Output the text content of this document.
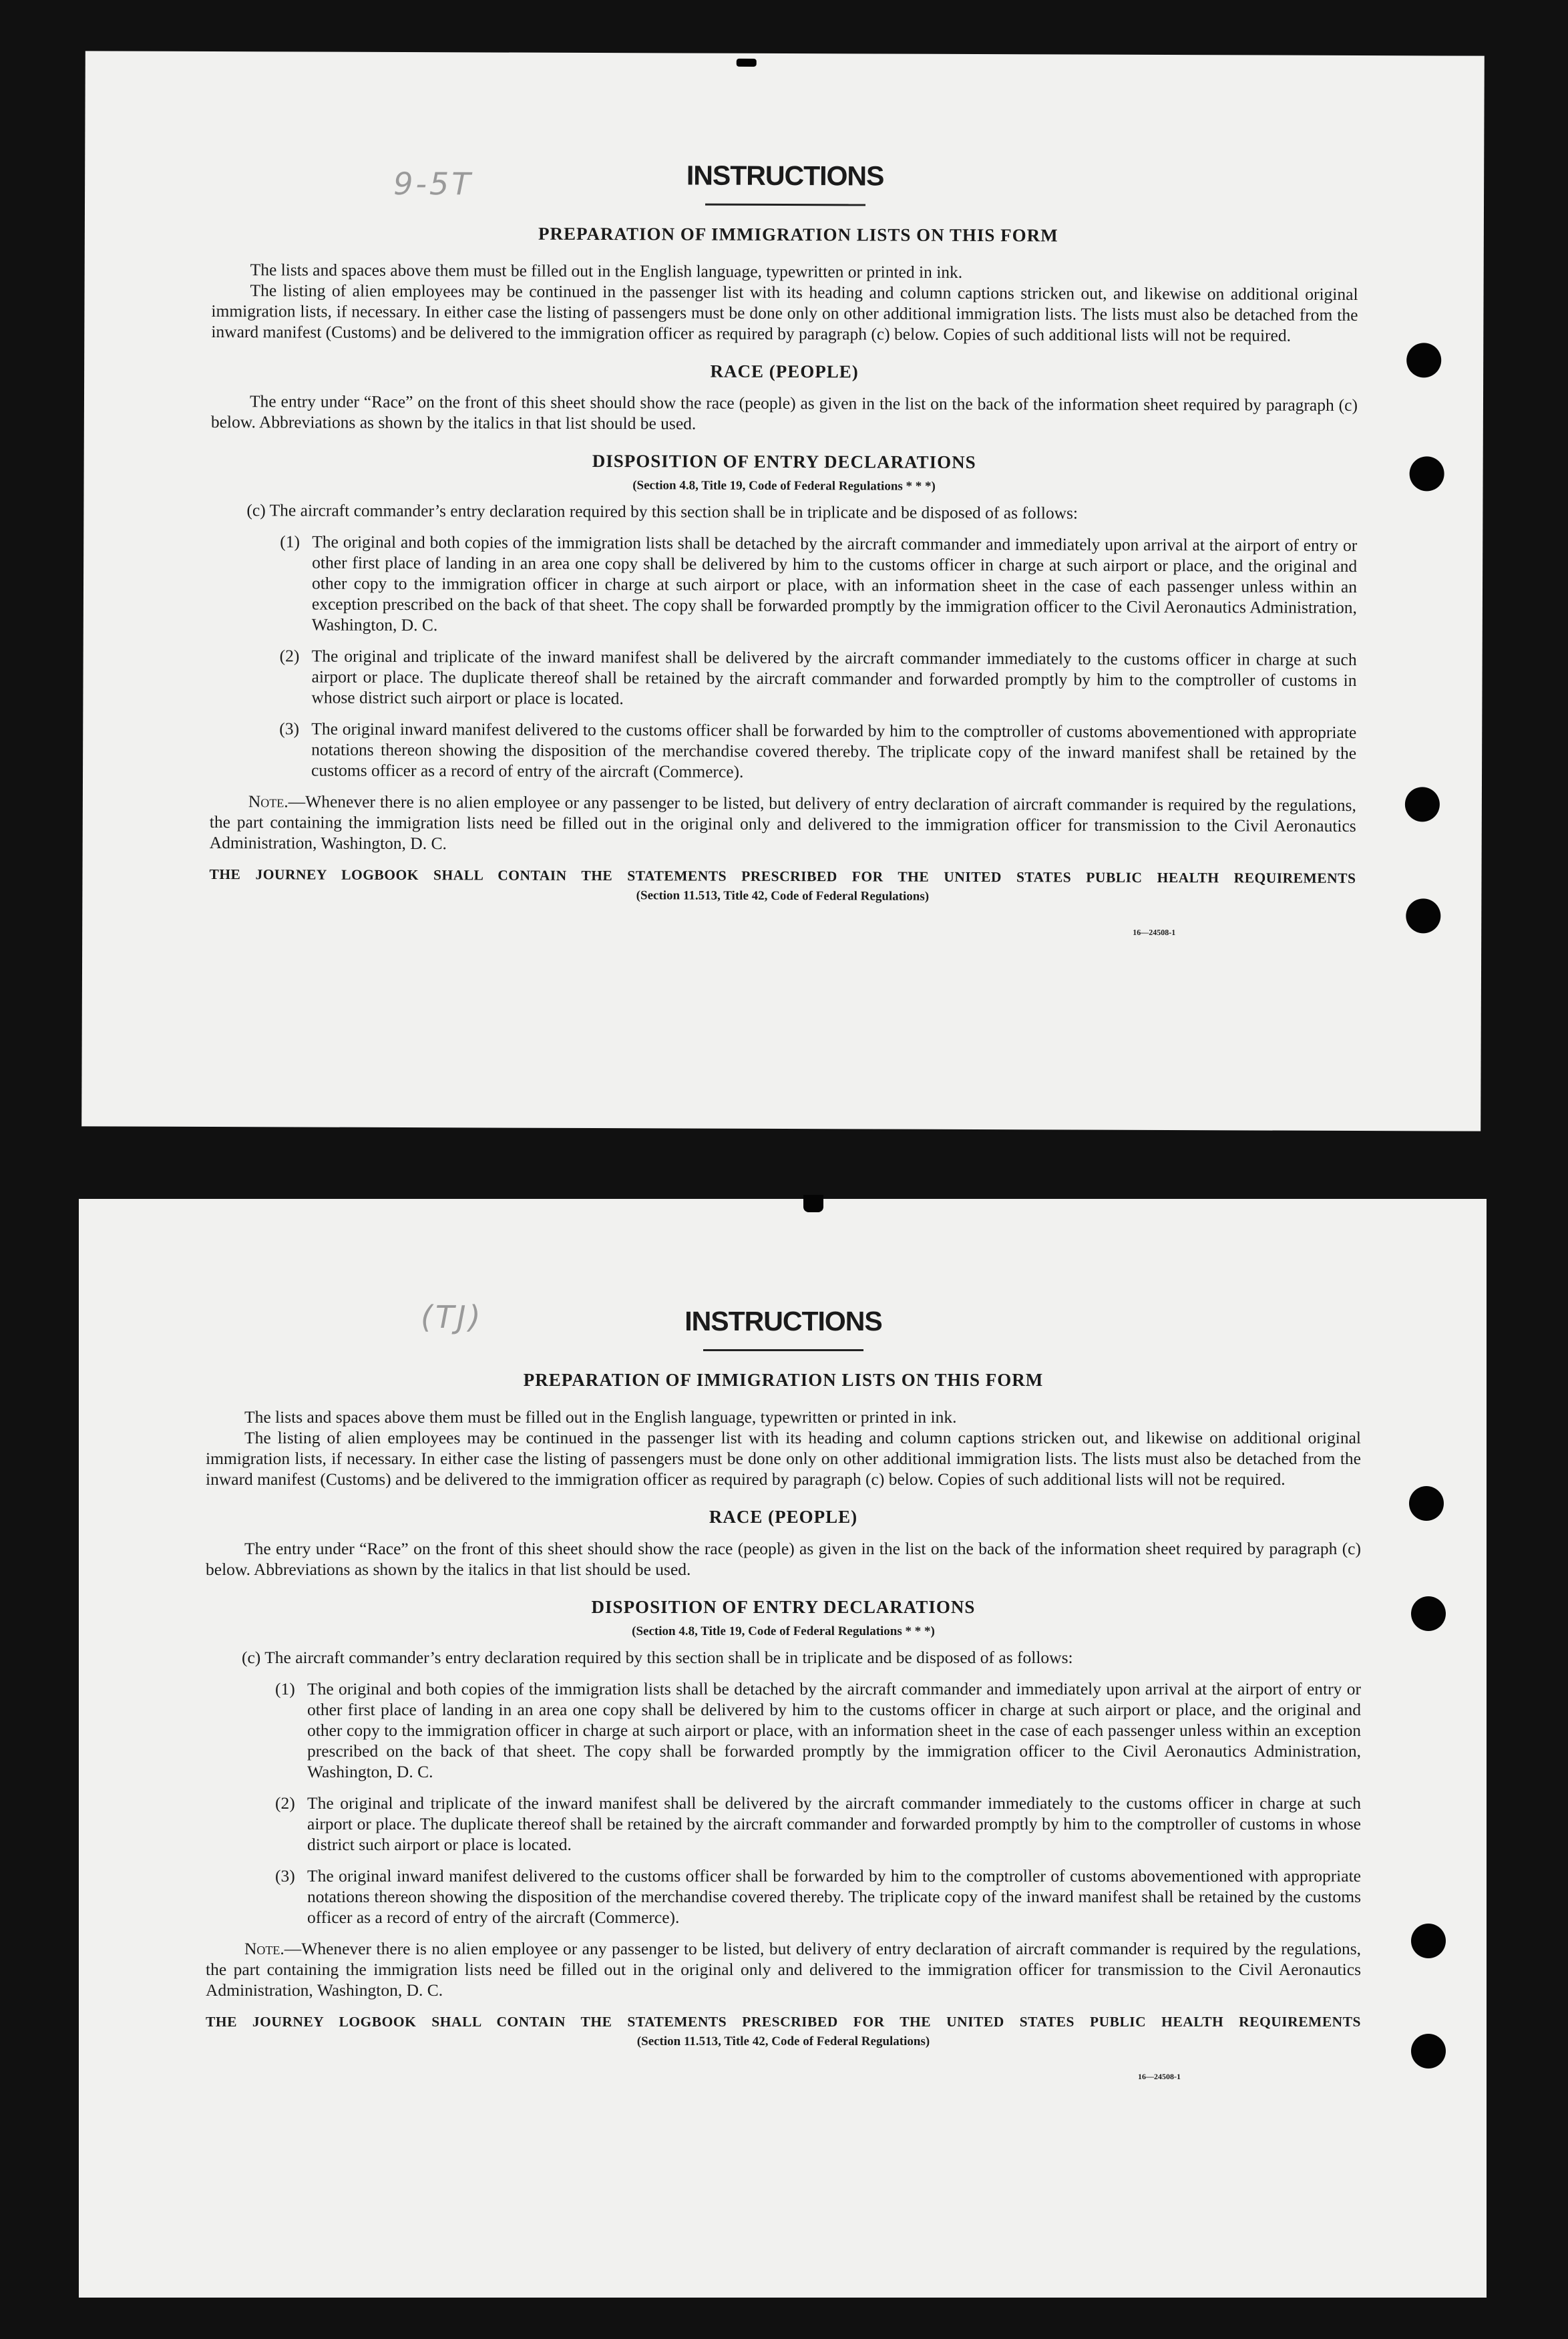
9-5T	INSTRUCTIONS
PREPARATION OF IMMIGRATION LISTS ON THIS FORM

The lists and spaces above them must be filled out in the English language, typewritten or printed in ink.

The listing of alien employees may be continued in the passenger list with its heading and column captions stricken out, and likewise on additional original immigration lists, if necessary. In either case the listing of passengers must be done only on other additional immigration lists. The lists must also be detached from the inward manifest (Customs) and be delivered to the immigration officer as required by paragraph (c) below. Copies of such additional lists will not be required.

RACE (PEOPLE)

The entry under “Race” on the front of this sheet should show the race (people) as given in the list on the back of the information sheet required by paragraph (c) below. Abbreviations as shown by the italics in that list should be used.

DISPOSITION OF ENTRY DECLARATIONS
(Section 4.8, Title 19, Code of Federal Regulations * * *)

(c) The aircraft commander’s entry declaration required by this section shall be in triplicate and be disposed of as follows:

(1) The original and both copies of the immigration lists shall be detached by the aircraft commander and immediately upon arrival at the airport of entry or other first place of landing in an area one copy shall be delivered by him to the customs officer in charge at such airport or place, and the original and other copy to the immigration officer in charge at such airport or place, with an information sheet in the case of each passenger unless within an exception prescribed on the back of that sheet. The copy shall be forwarded promptly by the immigration officer to the Civil Aeronautics Administration, Washington, D. C.
(2) The original and triplicate of the inward manifest shall be delivered by the aircraft commander immediately to the customs officer in charge at such airport or place. The duplicate thereof shall be retained by the aircraft commander and forwarded promptly by him to the comptroller of customs in whose district such airport or place is located.
(3) The original inward manifest delivered to the customs officer shall be forwarded by him to the comptroller of customs abovementioned with appropriate notations thereon showing the disposition of the merchandise covered thereby. The triplicate copy of the inward manifest shall be retained by the customs officer as a record of entry of the aircraft (Commerce).

Note.—Whenever there is no alien employee or any passenger to be listed, but delivery of entry declaration of aircraft commander is required by the regulations, the part containing the immigration lists need be filled out in the original only and delivered to the immigration officer for transmission to the Civil Aeronautics Administration, Washington, D. C.

THE JOURNEY LOGBOOK SHALL CONTAIN THE STATEMENTS PRESCRIBED FOR THE UNITED STATES PUBLIC HEALTH REQUIREMENTS
(Section 11.513, Title 42, Code of Federal Regulations)
16—24508-1
(TJ)	INSTRUCTIONS
PREPARATION OF IMMIGRATION LISTS ON THIS FORM

The lists and spaces above them must be filled out in the English language, typewritten or printed in ink.

The listing of alien employees may be continued in the passenger list with its heading and column captions stricken out, and likewise on additional original immigration lists, if necessary. In either case the listing of passengers must be done only on other additional immigration lists. The lists must also be detached from the inward manifest (Customs) and be delivered to the immigration officer as required by paragraph (c) below. Copies of such additional lists will not be required.

RACE (PEOPLE)

The entry under “Race” on the front of this sheet should show the race (people) as given in the list on the back of the information sheet required by paragraph (c) below. Abbreviations as shown by the italics in that list should be used.

DISPOSITION OF ENTRY DECLARATIONS
(Section 4.8, Title 19, Code of Federal Regulations * * *)

(c) The aircraft commander’s entry declaration required by this section shall be in triplicate and be disposed of as follows:

(1) The original and both copies of the immigration lists shall be detached by the aircraft commander and immediately upon arrival at the airport of entry or other first place of landing in an area one copy shall be delivered by him to the customs officer in charge at such airport or place, and the original and other copy to the immigration officer in charge at such airport or place, with an information sheet in the case of each passenger unless within an exception prescribed on the back of that sheet. The copy shall be forwarded promptly by the immigration officer to the Civil Aeronautics Administration, Washington, D. C.
(2) The original and triplicate of the inward manifest shall be delivered by the aircraft commander immediately to the customs officer in charge at such airport or place. The duplicate thereof shall be retained by the aircraft commander and forwarded promptly by him to the comptroller of customs in whose district such airport or place is located.
(3) The original inward manifest delivered to the customs officer shall be forwarded by him to the comptroller of customs abovementioned with appropriate notations thereon showing the disposition of the merchandise covered thereby. The triplicate copy of the inward manifest shall be retained by the customs officer as a record of entry of the aircraft (Commerce).

Note.—Whenever there is no alien employee or any passenger to be listed, but delivery of entry declaration of aircraft commander is required by the regulations, the part containing the immigration lists need be filled out in the original only and delivered to the immigration officer for transmission to the Civil Aeronautics Administration, Washington, D. C.

THE JOURNEY LOGBOOK SHALL CONTAIN THE STATEMENTS PRESCRIBED FOR THE UNITED STATES PUBLIC HEALTH REQUIREMENTS
(Section 11.513, Title 42, Code of Federal Regulations)
16—24508-1
